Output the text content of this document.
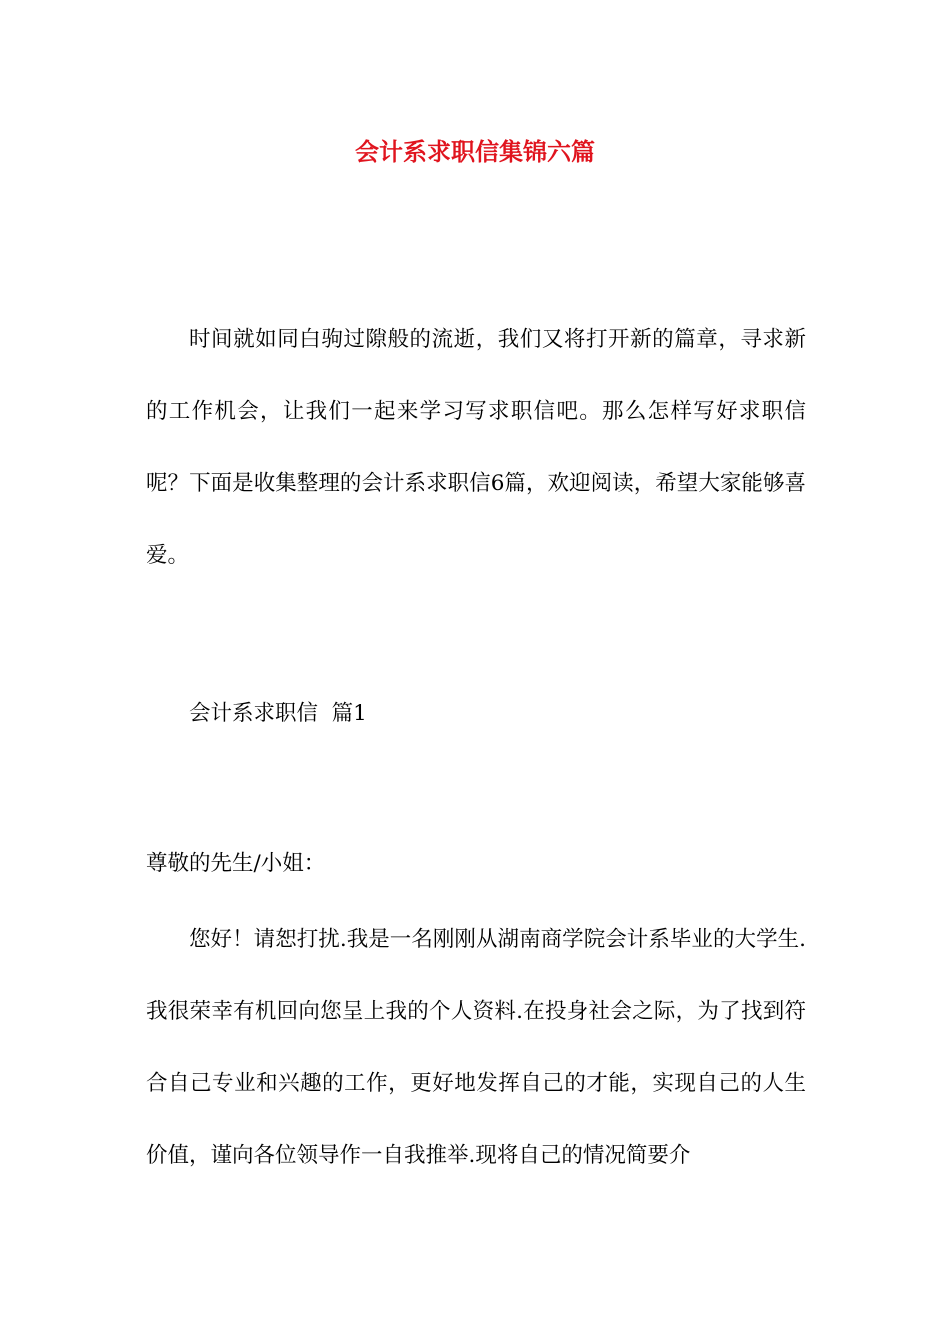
会计系求职信集锦六篇
时间就如同白驹过隙般的流逝，我们又将打开新的篇章，寻求新的工作机会，让我们一起来学习写求职信吧。那么怎样写好求职信呢？下面是收集整理的会计系求职信6篇，欢迎阅读，希望大家能够喜爱。
会计系求职信  篇1
尊敬的先生/小姐：
您好！请恕打扰.我是一名刚刚从湖南商学院会计系毕业的大学生.我很荣幸有机回向您呈上我的个人资料.在投身社会之际，为了找到符合自己专业和兴趣的工作，更好地发挥自己的才能，实现自己的人生价值，谨向各位领导作一自我推举.现将自己的情况简要介
